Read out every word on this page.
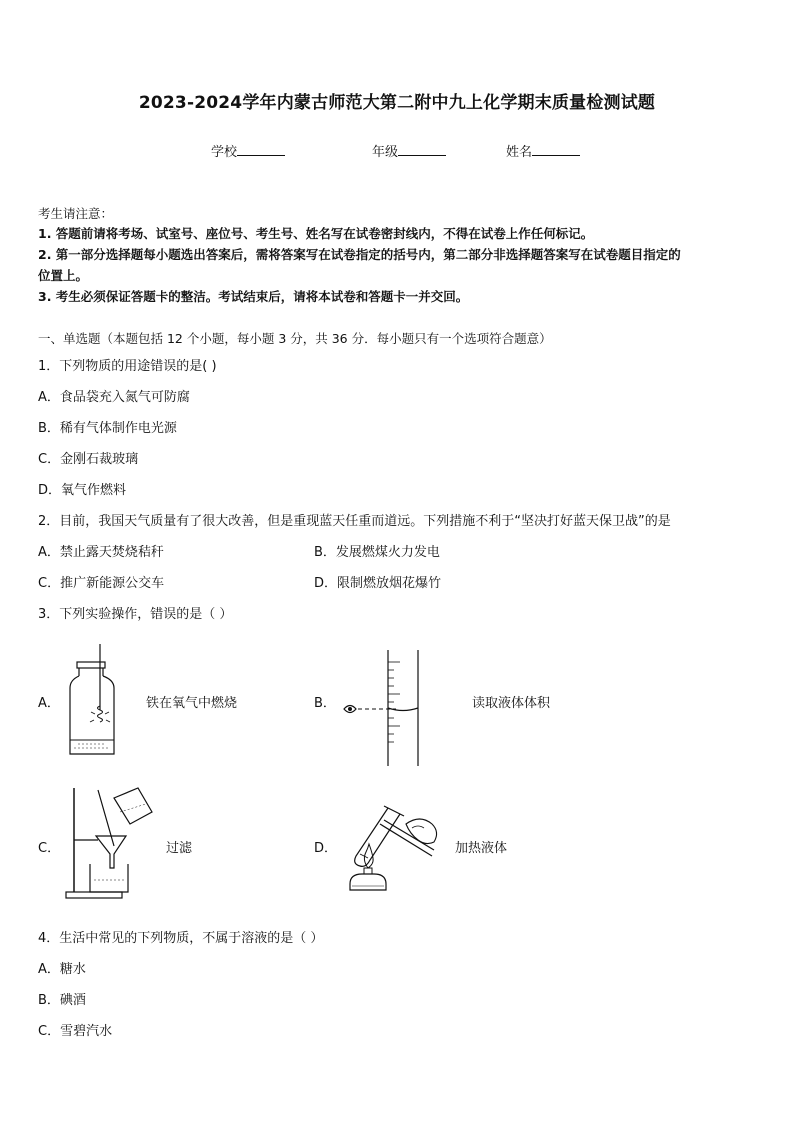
2023-2024学年内蒙古师范大第二附中九上化学期末质量检测试题
学校	年级	姓名
考生请注意：
1. 答题前请将考场、试室号、座位号、考生号、姓名写在试卷密封线内，不得在试卷上作任何标记。
2. 第一部分选择题每小题选出答案后，需将答案写在试卷指定的括号内，第二部分非选择题答案写在试卷题目指定的
位置上。
3. 考生必须保证答题卡的整洁。考试结束后，请将本试卷和答题卡一并交回。
一、单选题（本题包括 12 个小题，每小题 3 分，共 36 分．每小题只有一个选项符合题意）
1．下列物质的用途错误的是( )
A．食品袋充入氮气可防腐
B．稀有气体制作电光源
C．金刚石裁玻璃
D．氧气作燃料
2．目前，我国天气质量有了很大改善，但是重现蓝天任重而道远。下列措施不利于“坚决打好蓝天保卫战”的是
A．禁止露天焚烧秸秆	B．发展燃煤火力发电
C．推广新能源公交车	D．限制燃放烟花爆竹
3．下列实验操作，错误的是（ ）
A．	铁在氧气中燃烧	B．	读取液体体积
C．	过滤	D．	加热液体
4．生活中常见的下列物质，不属于溶液的是（ ）
A．糖水
B．碘酒
C．雪碧汽水
